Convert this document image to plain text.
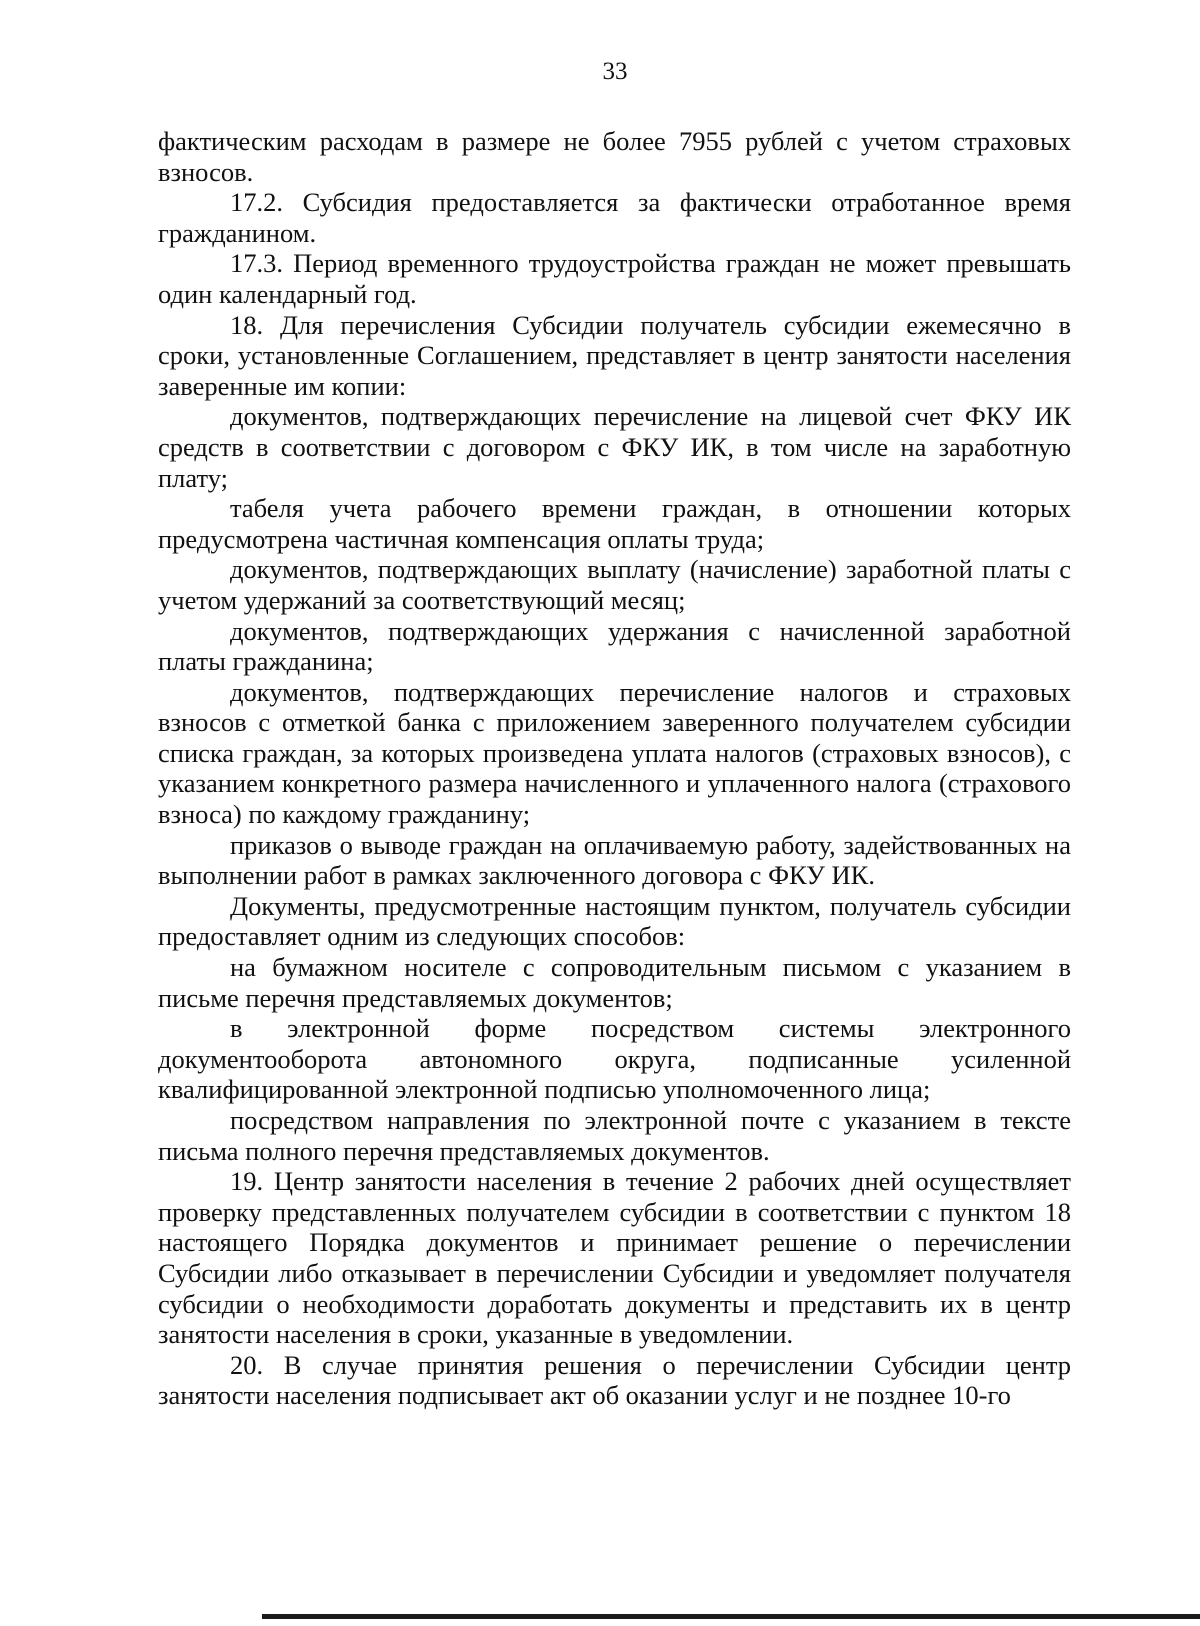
33

фактическим расходам в размере не более 7955 рублей с учетом страховых взносов.

17.2. Субсидия предоставляется за фактически отработанное время гражданином.

17.3. Период временного трудоустройства граждан не может превышать один календарный год.

18. Для перечисления Субсидии получатель субсидии ежемесячно в сроки, установленные Соглашением, представляет в центр занятости населения заверенные им копии:

документов, подтверждающих перечисление на лицевой счет ФКУ ИК средств в соответствии с договором с ФКУ ИК, в том числе на заработную плату;

табеля учета рабочего времени граждан, в отношении которых предусмотрена частичная компенсация оплаты труда;

документов, подтверждающих выплату (начисление) заработной платы с учетом удержаний за соответствующий месяц;

документов, подтверждающих удержания с начисленной заработной платы гражданина;

документов, подтверждающих перечисление налогов и страховых взносов с отметкой банка с приложением заверенного получателем субсидии списка граждан, за которых произведена уплата налогов (страховых взносов), с указанием конкретного размера начисленного и уплаченного налога (страхового взноса) по каждому гражданину;

приказов о выводе граждан на оплачиваемую работу, задействованных на выполнении работ в рамках заключенного договора с ФКУ ИК.

Документы, предусмотренные настоящим пунктом, получатель субсидии предоставляет одним из следующих способов:

на бумажном носителе с сопроводительным письмом с указанием в письме перечня представляемых документов;

в электронной форме посредством системы электронного документооборота автономного округа, подписанные усиленной квалифицированной электронной подписью уполномоченного лица;

посредством направления по электронной почте с указанием в тексте письма полного перечня представляемых документов.

19. Центр занятости населения в течение 2 рабочих дней осуществляет проверку представленных получателем субсидии в соответствии с пунктом 18 настоящего Порядка документов и принимает решение о перечислении Субсидии либо отказывает в перечислении Субсидии и уведомляет получателя субсидии о необходимости доработать документы и представить их в центр занятости населения в сроки, указанные в уведомлении.

20. В случае принятия решения о перечислении Субсидии центр занятости населения подписывает акт об оказании услуг и не позднее 10-го
